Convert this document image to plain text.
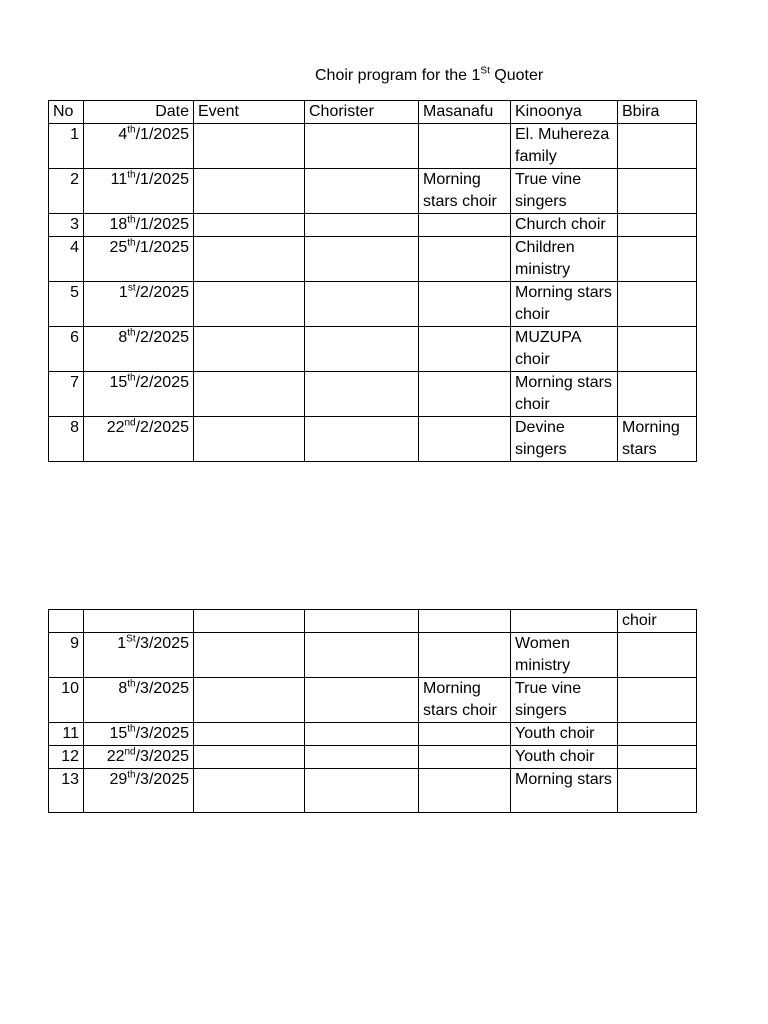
Choir program for the 1St Quoter
No	Date	Event	Chorister	Masanafu	Kinoonya	Bbira
1	4th/1/2025				El. Muhereza family	
2	11th/1/2025			Morning stars choir	True vine singers	
3	18th/1/2025				Church choir	
4	25th/1/2025				Children ministry	
5	1st/2/2025				Morning stars choir	
6	8th/2/2025				MUZUPA choir	
7	15th/2/2025				Morning stars choir	
8	22nd/2/2025				Devine singers	Morning stars
						choir
9	1St/3/2025				Women ministry	
10	8th/3/2025			Morning stars choir	True vine singers	
11	15th/3/2025				Youth choir	
12	22nd/3/2025				Youth choir	
13	29th/3/2025				Morning stars	
